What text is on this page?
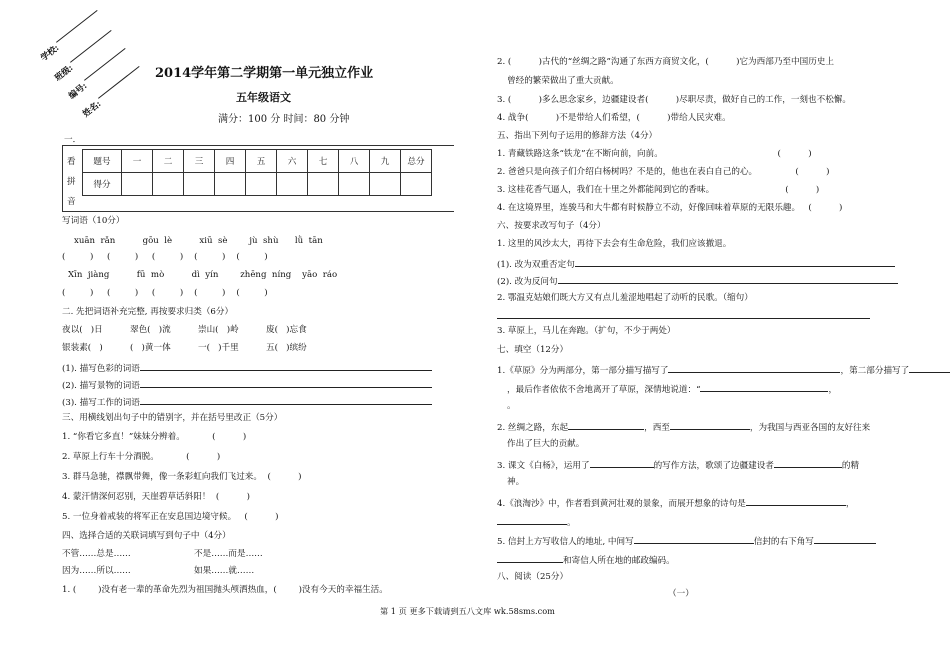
学校:
班级:
编号:
姓名:
2014学年第二学期第一单元独立作业
五年级语文
满分：100 分 时间：80 分钟
一．
看
拼
音
题号	一	二	三	四	五	六	七	八	九	总分
得分										
写词语（10分）
xuān  rǎn          gōu  lè          xiū  sè        jù  shù      lǜ  tān
(         )     (         )     (         )    (         )    (         )
Xīn  jiàng          fū  mò          dì  yín        zhēng  níng    yāo  ráo
(         )     (         )     (         )    (         )    (         )
二. 先把词语补充完整, 再按要求归类（6分）
夜以(   )日          翠色(   )流          崇山(   )岭          废(   )忘食
银装素(   )          (   )黄一体          一(   )千里          五(   )缤纷
(1). 描写色彩的词语
(2). 描写景物的词语
(3). 描写工作的词语
三、用横线划出句子中的错别字，并在括号里改正（5分）
1. “你看它多直！”妹妹分辨着。          (          )
2. 草原上行车十分酒脱。          (          )
3. 群马急驰，襟飘带舞，像一条彩虹向我们飞过来。  (          )
4. 蒙汗情深何忍别，天崖碧草话斜阳！  (          )
5. 一位身着戒装的将军正在安息国边境守候。   (          )
四、选择合适的关联词填写到句子中（4分）
不管……总是……	不是……而是……
因为……所以……	如果……就……
1. (        )没有老一辈的革命先烈为祖国抛头颅洒热血，(        )没有今天的幸福生活。
2. (          )古代的“丝绸之路”沟通了东西方商贸文化，(          )它为西部乃至中国历史上
曾经的繁荣做出了重大贡献。
3. (          )多么思念家乡，边疆建设者(          )尽职尽责，做好自己的工作，一刻也不松懈。
4. 战争(          )不是带给人们希望，(          )带给人民灾难。
五、指出下列句子运用的修辞方法（4分）
1. 青藏铁路这条“铁龙”在不断向前，向前。                                          (          )
2. 爸爸只是向孩子们介绍白杨树吗？不是的，他也在表白自己的心。              (          )
3. 这桂花香气逼人，我们在十里之外都能闻到它的香味。                          (          )
4. 在这境界里，连骏马和大牛都有时候静立不动，好像回味着草原的无限乐趣。   (          )
六、按要求改写句子（4分）
1. 这里的风沙太大，再待下去会有生命危险，我们应该撤退。
(1). 改为双重否定句
(2). 改为反问句
2. 鄂温克姑娘们既大方又有点儿羞涩地唱起了动听的民歌。（缩句）
3. 草原上，马儿在奔跑。（扩句，不少于两处）
七、填空（12分）
1.《草原》分为两部分，第一部分描写描写了	，第二部分描写了
，最后作者依依不舍地离开了草原，深情地说道：“	，
。
2. 丝绸之路，东起	，西至	，为我国与西亚各国的友好往来
作出了巨大的贡献。
3. 课文《白杨》，运用了	的写作方法，歌颂了边疆建设者	的精
神。
4.《浪淘沙》中，作者看到黄河壮观的景象，而展开想象的诗句是	，
。
5. 信封上方写收信人的地址, 中间写	信封的右下角写
和寄信人所在地的邮政编码。
八、阅读（25分）
（一）
第 1 页 更多下载请到五八文库 wk.58sms.com
